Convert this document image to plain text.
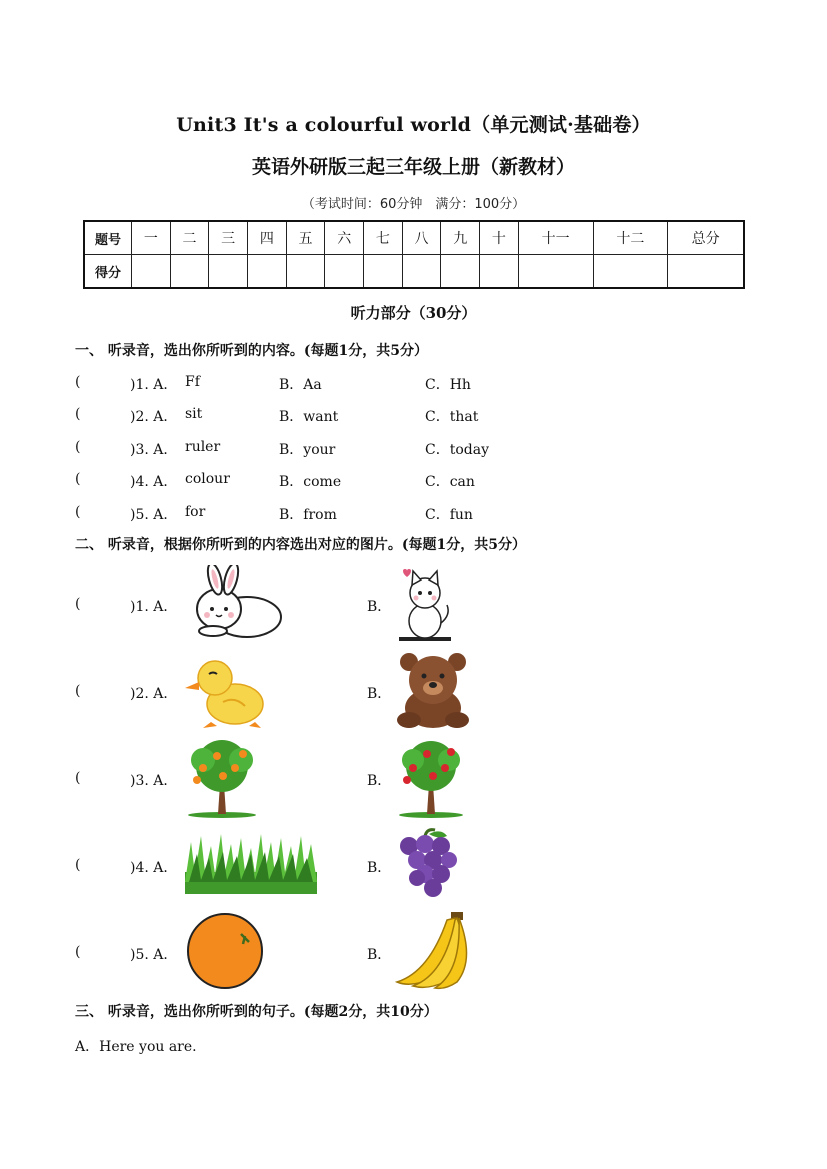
Unit3 It's a colourful world（单元测试·基础卷）
英语外研版三起三年级上册（新教材）
（考试时间：60分钟　满分：100分）
题号	一	二	三	四	五	六	七	八	九	十	十一	十二	总分
得分													
听力部分（30分）
一、 听录音，选出你所听到的内容。(每题1分，共5分）
(	)1. A． Ff	B．Aa	C．Hh
(	)2. A． sit	B．want	C．that
(	)3. A． ruler	B．your	C．today
(	)4. A． colour	B．come	C．can
(	)5. A． for	B．from	C．fun
二、 听录音，根据你所听到的内容选出对应的图片。(每题1分，共5分）
(	)1. A．	B．
(	)2. A．	B．
(	)3. A．	B．
(	)4. A．	B．
(	)5. A．	B．
三、 听录音，选出你所听到的句子。(每题2分，共10分）
A．Here you are.
